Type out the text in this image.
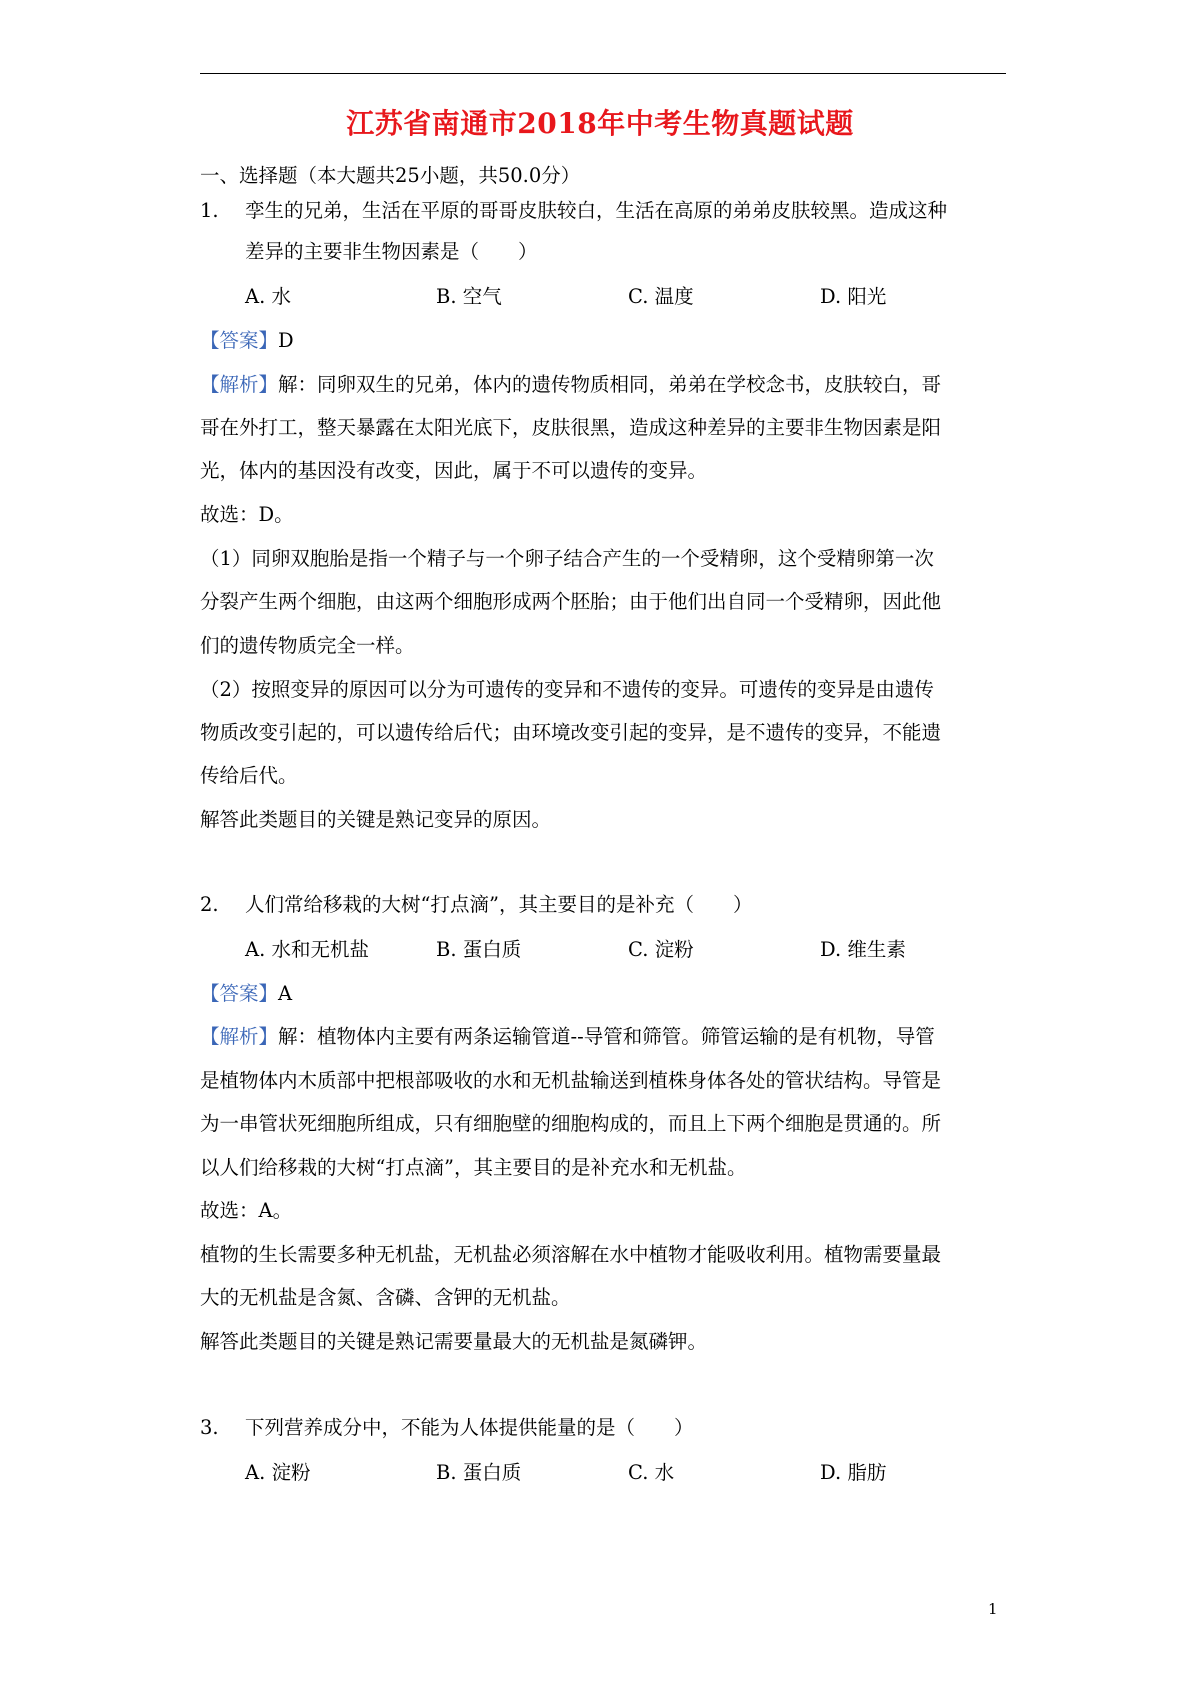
江苏省南通市2018年中考生物真题试题
一、选择题（本大题共25小题，共50.0分）
1. 孪生的兄弟，生活在平原的哥哥皮肤较白，生活在高原的弟弟皮肤较黑。造成这种
差异的主要非生物因素是（　　）
A. 水	B. 空气	C. 温度	D. 阳光
【答案】D
【解析】解：同卵双生的兄弟，体内的遗传物质相同，弟弟在学校念书，皮肤较白，哥
哥在外打工，整天暴露在太阳光底下，皮肤很黑，造成这种差异的主要非生物因素是阳
光，体内的基因没有改变，因此，属于不可以遗传的变异。
故选：D。
（1）同卵双胞胎是指一个精子与一个卵子结合产生的一个受精卵，这个受精卵第一次
分裂产生两个细胞，由这两个细胞形成两个胚胎；由于他们出自同一个受精卵，因此他
们的遗传物质完全一样。
（2）按照变异的原因可以分为可遗传的变异和不遗传的变异。可遗传的变异是由遗传
物质改变引起的，可以遗传给后代；由环境改变引起的变异，是不遗传的变异，不能遗
传给后代。
解答此类题目的关键是熟记变异的原因。
2. 人们常给移栽的大树“打点滴”，其主要目的是补充（　　）
A. 水和无机盐	B. 蛋白质	C. 淀粉	D. 维生素
【答案】A
【解析】解：植物体内主要有两条运输管道--导管和筛管。筛管运输的是有机物，导管
是植物体内木质部中把根部吸收的水和无机盐输送到植株身体各处的管状结构。导管是
为一串管状死细胞所组成，只有细胞壁的细胞构成的，而且上下两个细胞是贯通的。所
以人们给移栽的大树“打点滴”，其主要目的是补充水和无机盐。
故选：A。
植物的生长需要多种无机盐，无机盐必须溶解在水中植物才能吸收利用。植物需要量最
大的无机盐是含氮、含磷、含钾的无机盐。
解答此类题目的关键是熟记需要量最大的无机盐是氮磷钾。
3. 下列营养成分中，不能为人体提供能量的是（　　）
A. 淀粉	B. 蛋白质	C. 水	D. 脂肪
1
